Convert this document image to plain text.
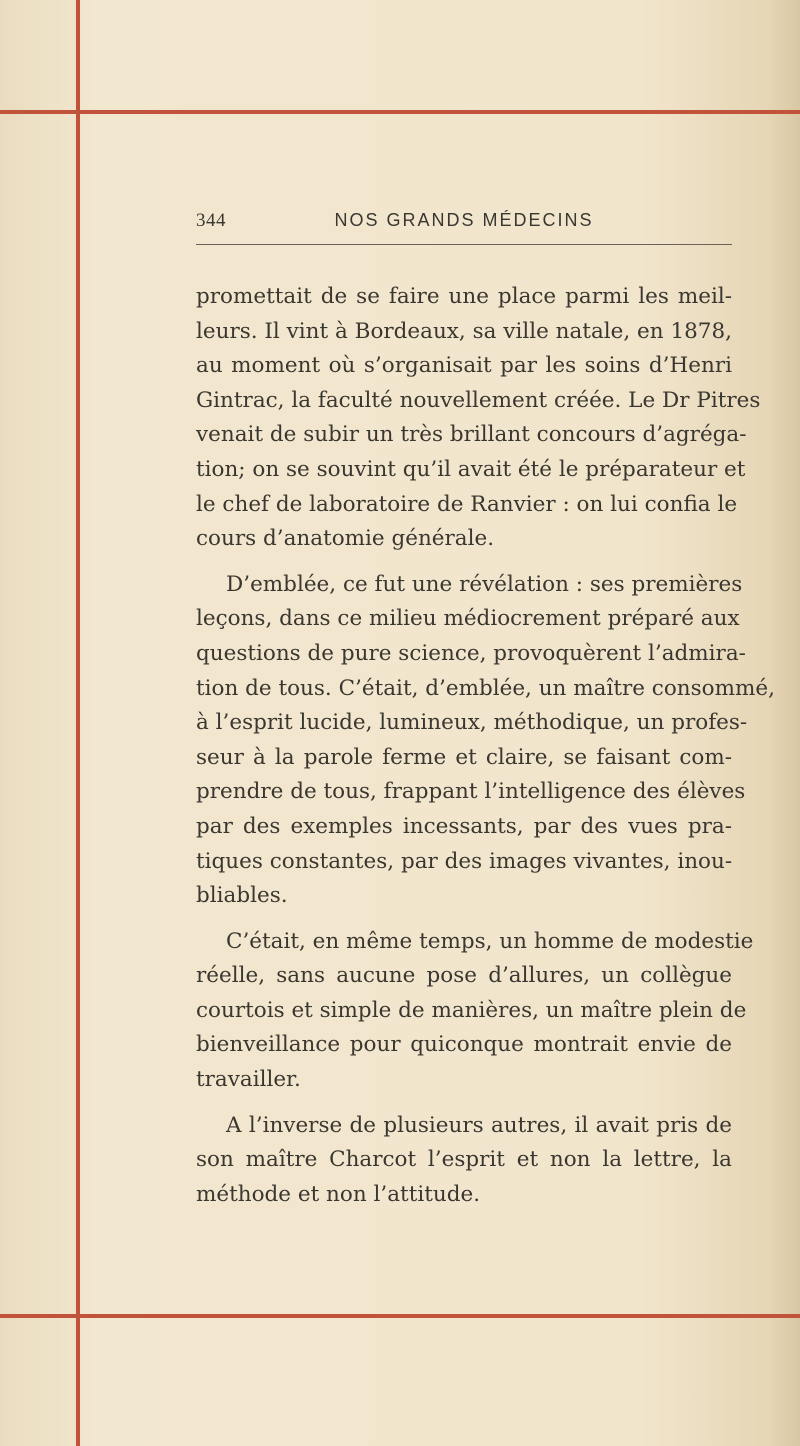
344	NOS GRANDS MÉDECINS
promettait de se faire une place parmi les meil-
leurs. Il vint à Bordeaux, sa ville natale, en 1878,
au moment où s’organisait par les soins d’Henri
Gintrac, la faculté nouvellement créée. Le Dr Pitres
venait de subir un très brillant concours d’agréga-
tion; on se souvint qu’il avait été le préparateur et
le chef de laboratoire de Ranvier : on lui confia le
cours d’anatomie générale.
D’emblée, ce fut une révélation : ses premières
leçons, dans ce milieu médiocrement préparé aux
questions de pure science, provoquèrent l’admira-
tion de tous. C’était, d’emblée, un maître consommé,
à l’esprit lucide, lumineux, méthodique, un profes-
seur à la parole ferme et claire, se faisant com-
prendre de tous, frappant l’intelligence des élèves
par des exemples incessants, par des vues pra-
tiques constantes, par des images vivantes, inou-
bliables.
C’était, en même temps, un homme de modestie
réelle, sans aucune pose d’allures, un collègue
courtois et simple de manières, un maître plein de
bienveillance pour quiconque montrait envie de
travailler.
A l’inverse de plusieurs autres, il avait pris de
son maître Charcot l’esprit et non la lettre, la
méthode et non l’attitude.
